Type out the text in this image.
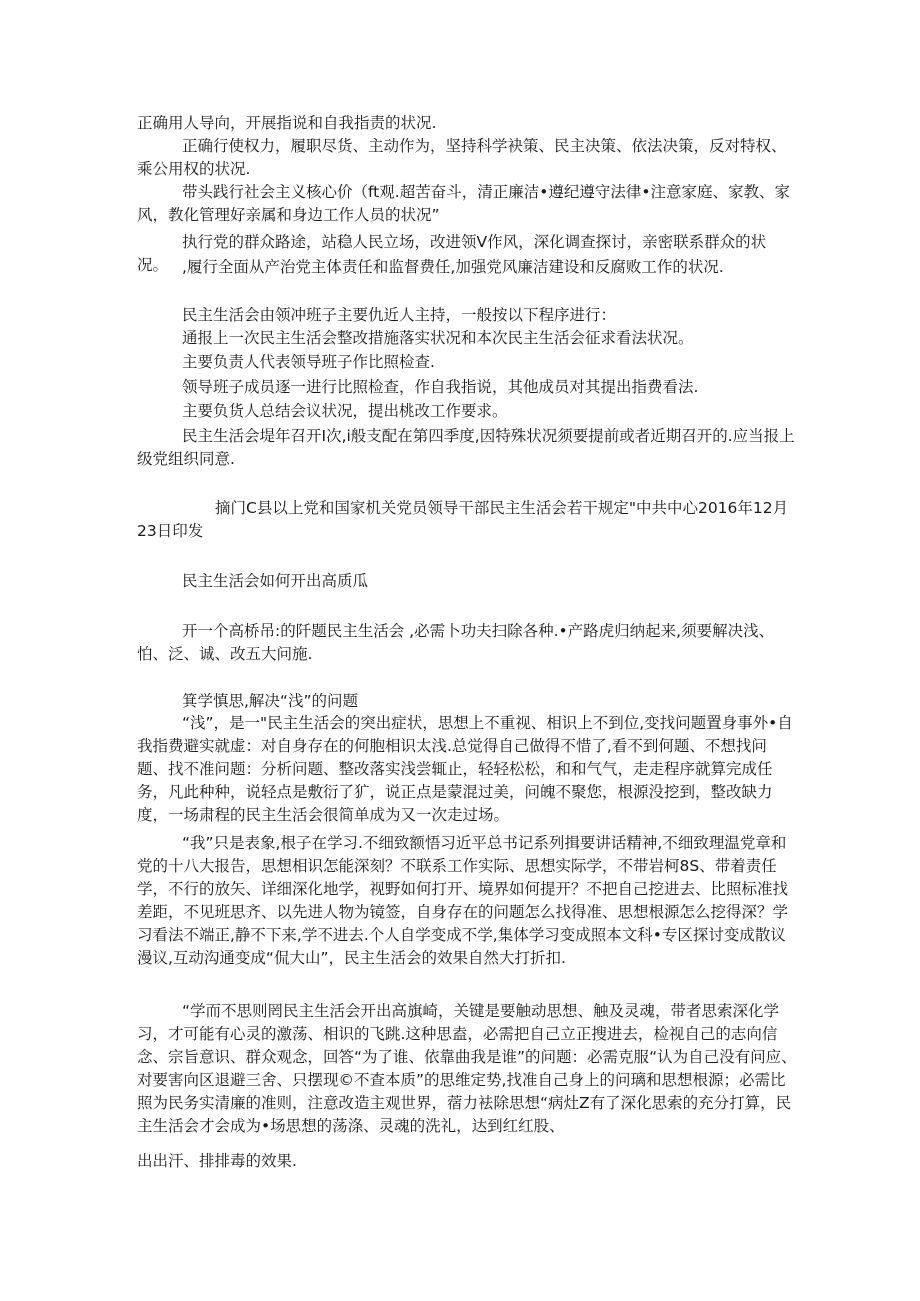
正确用人导向，开展指说和自我指责的状况.

正确行使权力，履职尽货、主动作为，坚持科学袂策、民主决策、依法决策，反对特权、乘公用权的状况.

带头践行社会主义核心价（ft观.超苦奋斗，清正廉洁•遵纪遵守法律•注意家庭、家教、家风，教化管理好亲属和身边工作人员的状况”

执行党的群众路途，站稳人民立场，改进领V作风，深化调查探讨，亲密联系群众的状况。 ,履行全面从产治党主体责任和监督费任,加强党风廉洁建设和反腐败工作的状况.

民主生活会由领冲班子主要仇近人主持，一般按以下程序进行：

通报上一次民主生活会整改措施落实状况和本次民主生活会征求看法状况。

主要负责人代表领导班子作比照检查.

领导班子成员逐一进行比照检查，作自我指说，其他成员对其提出指费看法.

主要负货人总结会议状况，提出桃改工作要求。

民主生活会堤年召开I次,i般支配在第四季度,因特殊状况须要提前或者近期召开的.应当报上级党组织同意.

摘门C县以上党和国家机关党员领导干部民主生活会若干规定"中共中心2016年12月23日印发

民主生活会如何开出高质瓜

开一个高桥吊:的阡题民主生活会 ,必需卜功夫扫除各种.•产路虎归纳起来,须要解决浅、怕、泛、诚、改五大问施.

箕学慎思,解决“浅”的问题

“浅”，是一"民主生活会的突出症状，思想上不重视、相识上不到位,变找问题置身事外•自我指费避实就虚：对自身存在的何胞相识太浅.总觉得自己做得不惜了,看不到何题、不想找问题、找不准问题：分析问题、整改落实浅尝辄止，轻轻松松，和和气气，走走程序就算完成任务，凡此种种，说轻点是敷衍了犷，说正点是蒙混过美，问魄不聚您，根源没挖到，整改缺力度，一场肃程的民主生活会很简单成为又一次走过场。

“我”只是表象,根子在学习.不细致额悟习近平总书记系列揖要讲话精神,不细致理温党章和党的十八大报告，思想相识怎能深刻？不联系工作实际、思想实际学，不带岩柯8S、带着责任学，不行的放矢、详细深化地学，视野如何打开、境界如何提开？不把自己挖进去、比照标准找差距，不见班思齐、以先进人物为镜签，自身存在的问题怎么找得准、思想根源怎么挖得深？学习看法不端正,静不下来,学不进去.个人自学变成不学,集体学习变成照本文科•专区探讨变成散议漫议,互动沟通变成“侃大山”，民主生活会的效果自然大打折扣.

“学而不思则罔民主生活会开出高旗崎，关键是要触动思想、触及灵魂，带者思索深化学习，才可能有心灵的激荡、相识的飞跳.这种思盍，必需把自己立正搜进去，检视自己的志向信念、宗旨意识、群众观念，回答“为了谁、依靠曲我是谁”的问题：必需克服“认为自己没有问应、对要害向区退避三舍、只摆现©不查本质”的思维定势,找准自己身上的问璃和思想根源；必需比照为民务实清廉的准则，注意改造主观世界，蓿力袪除思想“病灶Z有了深化思索的充分打算，民主生活会才会成为•场思想的荡涤、灵魂的洗礼，达到红红股、

出出汗、排排毒的效果.
